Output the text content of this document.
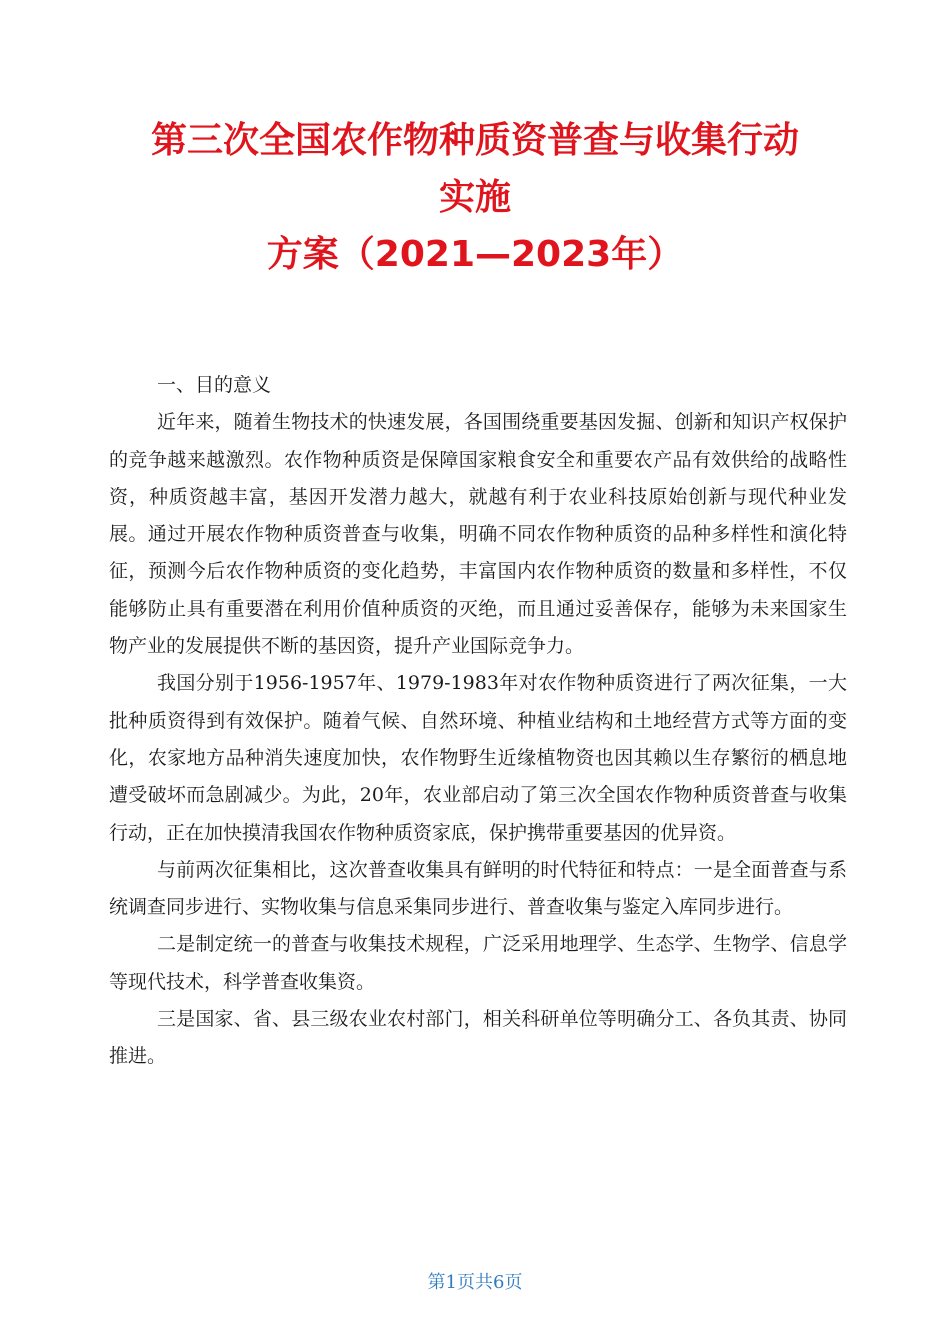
第三次全国农作物种质资普查与收集行动
实施
方案（2021—2023年）

一、目的意义

近年来，随着生物技术的快速发展，各国围绕重要基因发掘、创新和知识产权保护的竞争越来越激烈。农作物种质资是保障国家粮食安全和重要农产品有效供给的战略性资，种质资越丰富，基因开发潜力越大，就越有利于农业科技原始创新与现代种业发展。通过开展农作物种质资普查与收集，明确不同农作物种质资的品种多样性和演化特征，预测今后农作物种质资的变化趋势，丰富国内农作物种质资的数量和多样性，不仅能够防止具有重要潜在利用价值种质资的灭绝，而且通过妥善保存，能够为未来国家生物产业的发展提供不断的基因资，提升产业国际竞争力。

我国分别于1956-1957年、1979-1983年对农作物种质资进行了两次征集，一大批种质资得到有效保护。随着气候、自然环境、种植业结构和土地经营方式等方面的变化，农家地方品种消失速度加快，农作物野生近缘植物资也因其赖以生存繁衍的栖息地遭受破坏而急剧减少。为此，20年，农业部启动了第三次全国农作物种质资普查与收集行动，正在加快摸清我国农作物种质资家底，保护携带重要基因的优异资。

与前两次征集相比，这次普查收集具有鲜明的时代特征和特点：一是全面普查与系统调查同步进行、实物收集与信息采集同步进行、普查收集与鉴定入库同步进行。

二是制定统一的普查与收集技术规程，广泛采用地理学、生态学、生物学、信息学等现代技术，科学普查收集资。

三是国家、省、县三级农业农村部门，相关科研单位等明确分工、各负其责、协同推进。

第1页共6页
